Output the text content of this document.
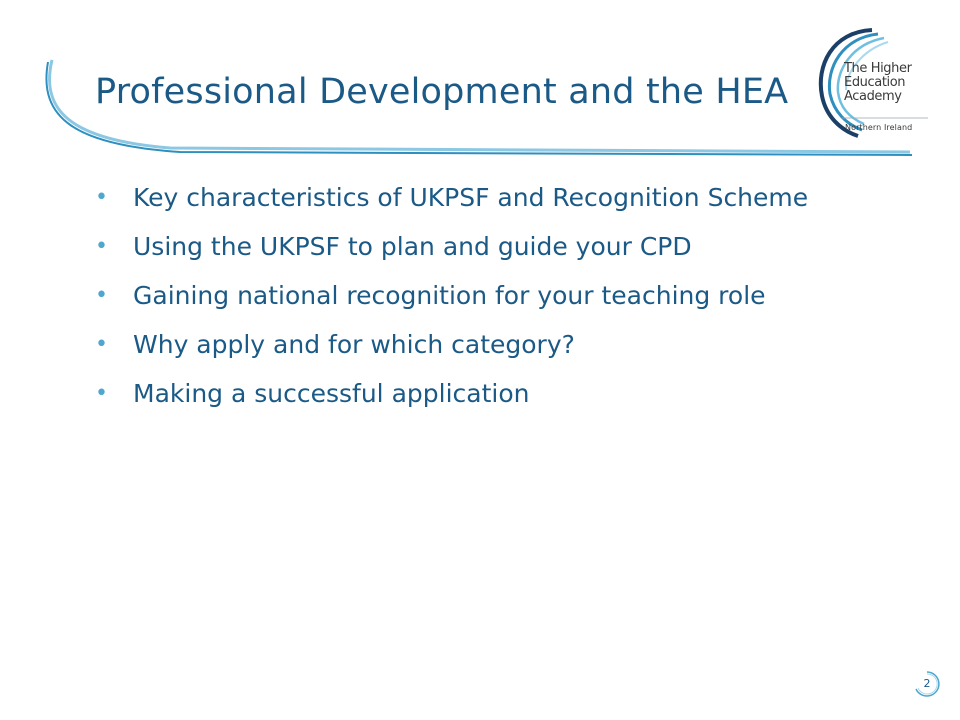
Professional Development and the HEA
The Higher
Education
Academy
Northern Ireland
• Key characteristics of UKPSF and Recognition Scheme
• Using the UKPSF to plan and guide your CPD
• Gaining national recognition for your teaching role
• Why apply and for which category?
• Making a successful application
2
